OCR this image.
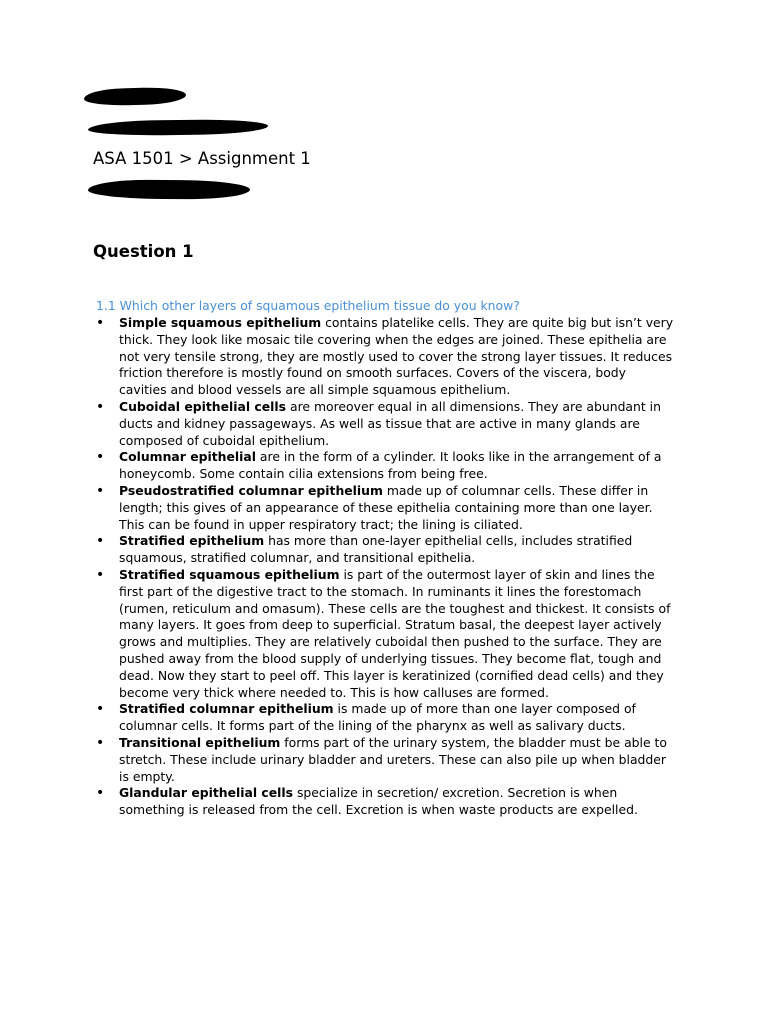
ASA 1501 > Assignment 1
Question 1
1.1 Which other layers of squamous epithelium tissue do you know?
• Simple squamous epithelium contains platelike cells. They are quite big but isn’t very thick. They look like mosaic tile covering when the edges are joined. These epithelia are not very tensile strong, they are mostly used to cover the strong layer tissues. It reduces friction therefore is mostly found on smooth surfaces. Covers of the viscera, body cavities and blood vessels are all simple squamous epithelium.
• Cuboidal epithelial cells are moreover equal in all dimensions. They are abundant in ducts and kidney passageways. As well as tissue that are active in many glands are composed of cuboidal epithelium.
• Columnar epithelial are in the form of a cylinder. It looks like in the arrangement of a honeycomb. Some contain cilia extensions from being free.
• Pseudostratified columnar epithelium made up of columnar cells. These differ in length; this gives of an appearance of these epithelia containing more than one layer. This can be found in upper respiratory tract; the lining is ciliated.
• Stratified epithelium has more than one-layer epithelial cells, includes stratified squamous, stratified columnar, and transitional epithelia.
• Stratified squamous epithelium is part of the outermost layer of skin and lines the first part of the digestive tract to the stomach. In ruminants it lines the forestomach (rumen, reticulum and omasum). These cells are the toughest and thickest. It consists of many layers. It goes from deep to superficial. Stratum basal, the deepest layer actively grows and multiplies. They are relatively cuboidal then pushed to the surface. They are pushed away from the blood supply of underlying tissues. They become flat, tough and dead. Now they start to peel off. This layer is keratinized (cornified dead cells) and they become very thick where needed to. This is how calluses are formed.
• Stratified columnar epithelium is made up of more than one layer composed of columnar cells. It forms part of the lining of the pharynx as well as salivary ducts.
• Transitional epithelium forms part of the urinary system, the bladder must be able to stretch. These include urinary bladder and ureters. These can also pile up when bladder is empty.
• Glandular epithelial cells specialize in secretion/ excretion. Secretion is when something is released from the cell. Excretion is when waste products are expelled.
